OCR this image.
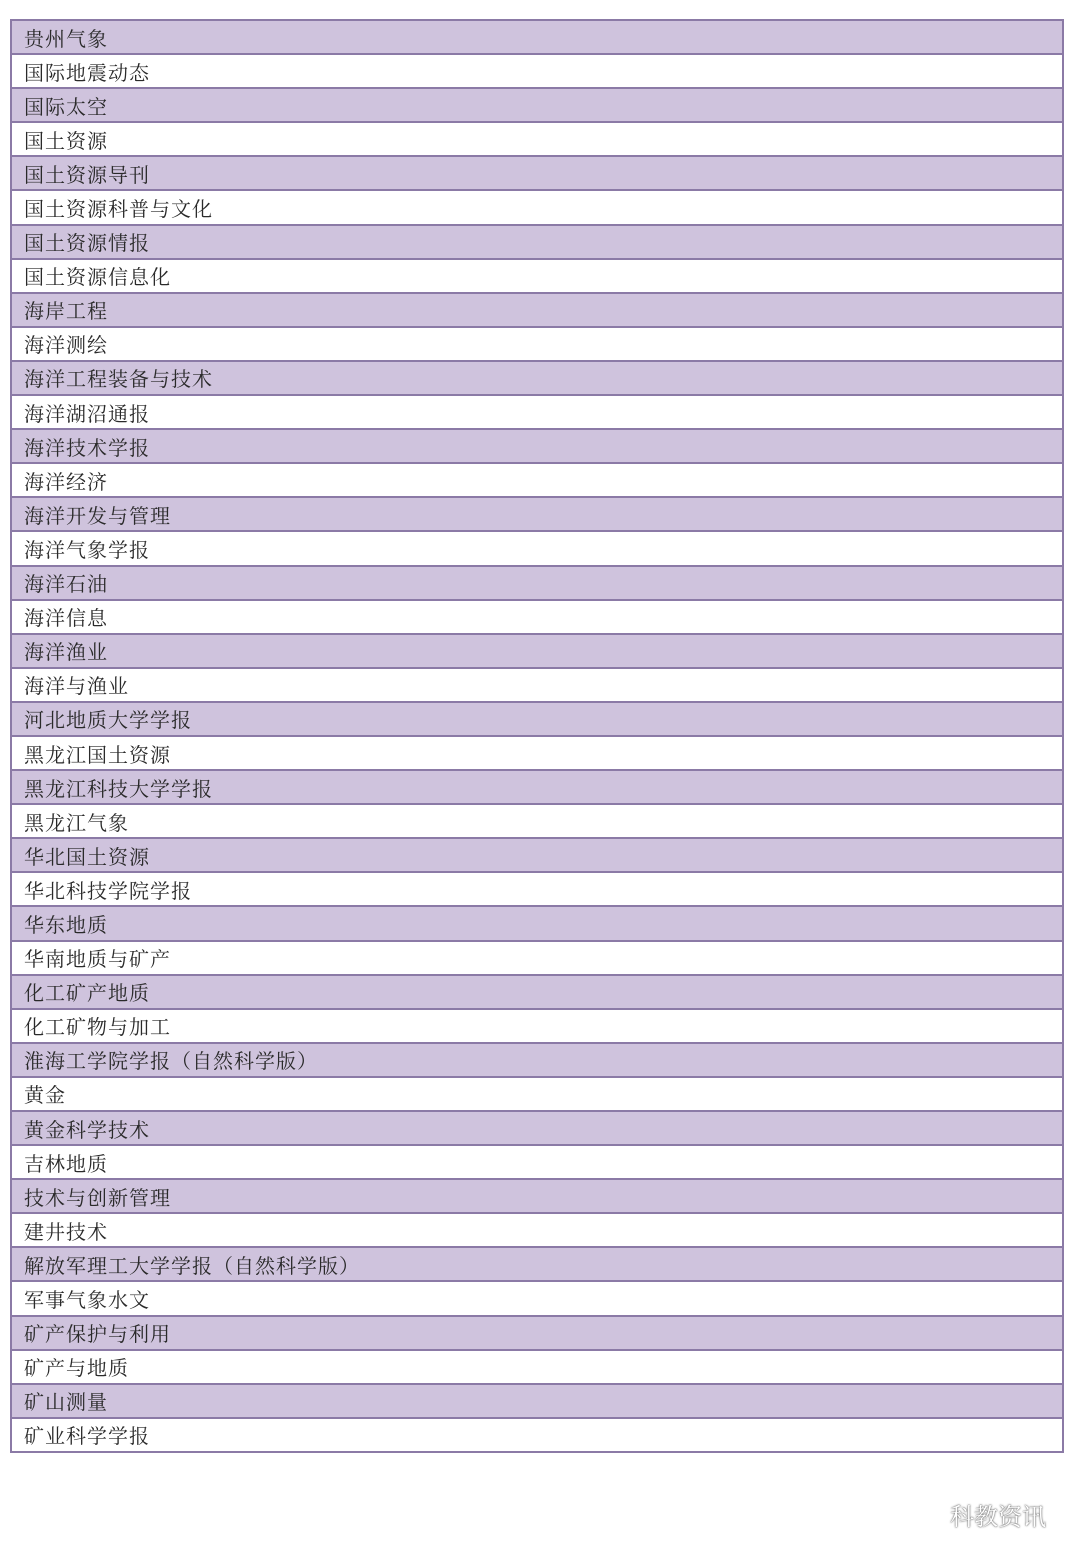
贵州气象
国际地震动态
国际太空
国土资源
国土资源导刊
国土资源科普与文化
国土资源情报
国土资源信息化
海岸工程
海洋测绘
海洋工程装备与技术
海洋湖沼通报
海洋技术学报
海洋经济
海洋开发与管理
海洋气象学报
海洋石油
海洋信息
海洋渔业
海洋与渔业
河北地质大学学报
黑龙江国土资源
黑龙江科技大学学报
黑龙江气象
华北国土资源
华北科技学院学报
华东地质
华南地质与矿产
化工矿产地质
化工矿物与加工
淮海工学院学报（自然科学版）
黄金
黄金科学技术
吉林地质
技术与创新管理
建井技术
解放军理工大学学报（自然科学版）
军事气象水文
矿产保护与利用
矿产与地质
矿山测量
矿业科学学报
科教资讯
